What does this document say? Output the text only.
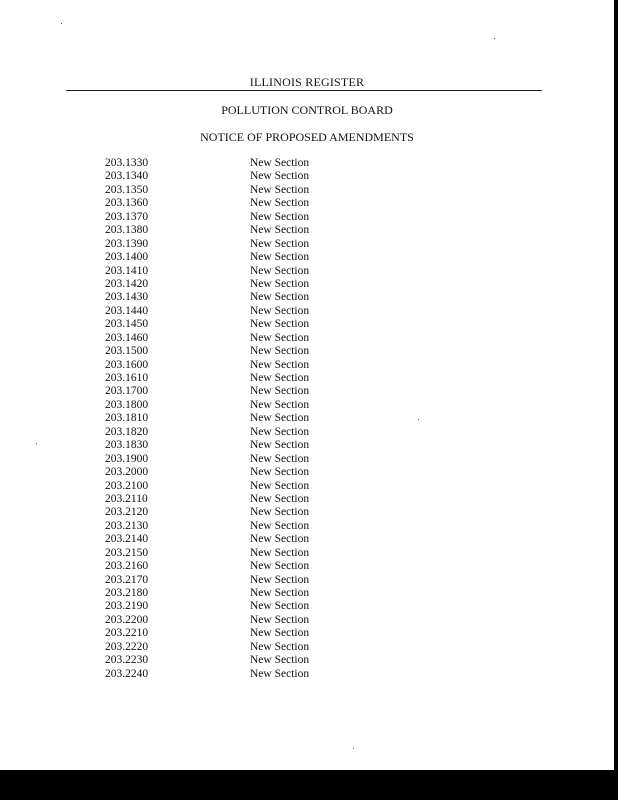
ILLINOIS REGISTER
POLLUTION CONTROL BOARD
NOTICE OF PROPOSED AMENDMENTS
203.1330	New Section
203.1340	New Section
203.1350	New Section
203.1360	New Section
203.1370	New Section
203.1380	New Section
203.1390	New Section
203.1400	New Section
203.1410	New Section
203.1420	New Section
203.1430	New Section
203.1440	New Section
203.1450	New Section
203.1460	New Section
203.1500	New Section
203.1600	New Section
203.1610	New Section
203.1700	New Section
203.1800	New Section
203.1810	New Section
203.1820	New Section
203.1830	New Section
203.1900	New Section
203.2000	New Section
203.2100	New Section
203.2110	New Section
203.2120	New Section
203.2130	New Section
203.2140	New Section
203.2150	New Section
203.2160	New Section
203.2170	New Section
203.2180	New Section
203.2190	New Section
203.2200	New Section
203.2210	New Section
203.2220	New Section
203.2230	New Section
203.2240	New Section
